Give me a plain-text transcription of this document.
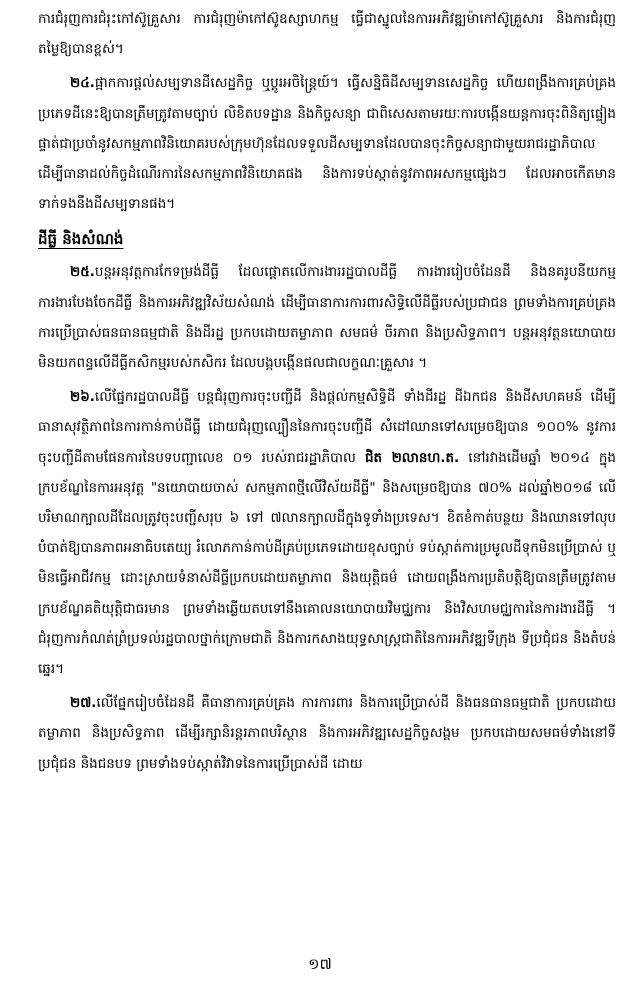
ការជំរុញការជំរុះកៅស៊ូគ្រួសារ ការជំរុញម៉ាកៅស៊ូឧស្សាហកម្ម ធ្វើជាស្នូលនៃការអភិវឌ្ឍម៉ាកៅស៊ូគ្រួសារ និងការជំរុញតម្លៃឱ្យបានខ្ពស់។

២៤.ផ្អាកការផ្តល់សម្បទានដីសេដ្ឋកិច្ច ឬប្តូរអចិន្ត្រៃយ៍។ ធ្វើសន្និធិដីសម្បទានសេដ្ឋកិច្ច ហើយពង្រឹងការគ្រប់គ្រងប្រភេទដីនេះឱ្យបានត្រឹមត្រូវតាមច្បាប់ លិខិតបទដ្ឋាន និងកិច្ចសន្យា ជាពិសេសតាមរយៈការបង្កើនយន្តការចុះពិនិត្យផ្ទៀងផ្ទាត់ជាប្រចាំនូវសកម្មភាពវិនិយោគរបស់ក្រុមហ៊ុនដែលទទួលដីសម្បទានដែលបានចុះកិច្ចសន្យាជាមួយរាជរដ្ឋាភិបាល ដើម្បីធានាដល់កិច្ចដំណើរការនៃសកម្មភាពវិនិយោគផង និងការទប់ស្កាត់នូវភាពអសកម្មផ្សេងៗ ដែលអាចកើតមានទាក់ទងនឹងដីសម្បទានផង។

ដីធ្លី និងសំណង់

២៥.បន្តអនុវត្តការកែទម្រង់ដីធ្លី ដែលផ្តោតលើការងាររដ្ឋបាលដីធ្លី ការងាររៀបចំដែនដី និងនគរូបនីយកម្ម ការងារបែងចែកដីធ្លី និងការអភិវឌ្ឍវិស័យសំណង់ ដើម្បីធានាការការពារសិទ្ធិលើដីធ្លីរបស់ប្រជាជន ព្រមទាំងការគ្រប់គ្រងការប្រើប្រាស់ធនធានធម្មជាតិ និងដីរដ្ឋ ប្រកបដោយតម្លាភាព សមធម៌ ចីរភាព និងប្រសិទ្ធភាព។ បន្តអនុវត្តនយោបាយមិនយកពន្ធលើដីធ្លីកសិកម្មរបស់កសិករ ដែលបង្កបង្កើនផលជាលក្ខណៈគ្រួសារ ។

២៦.លើផ្នែករដ្ឋបាលដីធ្លី បន្តជំរុញការចុះបញ្ជីដី និងផ្តល់កម្មសិទ្ធិដី ទាំងដីរដ្ឋ ដីឯកជន និងដីសហគមន៍ ដើម្បីធានាសុវត្ថិភាពនៃការកាន់កាប់ដីធ្លី ដោយជំរុញល្បឿននៃការចុះបញ្ជីដី សំដៅឈានទៅសម្រេចឱ្យបាន ១០០% នូវការចុះបញ្ជីដីតាមផែនការនៃបទបញ្ជាលេខ ០១ របស់រាជរដ្ឋាភិបាល ជិត ២លានហ.ត. នៅរវាងដើមឆ្នាំ ២០១៤ ក្នុងក្របខ័ណ្ឌនៃការអនុវត្ត "នយោបាយចាស់ សកម្មភាពថ្មីលើវិស័យដីធ្លី" និងសម្រេចឱ្យបាន ៧០% ដល់ឆ្នាំ២០១៨ លើបរិមាណក្បាលដីដែលត្រូវចុះបញ្ជីសរុប ៦ ទៅ ៧លានក្បាលដីក្នុងទូទាំងប្រទេស។ ខិតខំកាត់បន្ថយ និងឈានទៅលុបបំបាត់ឱ្យបានភាពអនាធិបតេយ្យ រំលោភកាន់កាប់ដីគ្រប់ប្រភេទដោយខុសច្បាប់ ទប់ស្កាត់ការប្រមូលដីទុកមិនប្រើប្រាស់ ឬមិនធ្វើអាជីវកម្ម ដោះស្រាយទំនាស់ដីធ្លីប្រកបដោយតម្លាភាព និងយុត្តិធម៌ ដោយពង្រឹងការប្រតិបត្តិឱ្យបានត្រឹមត្រូវតាមក្របខ័ណ្ឌគតិយុត្តិជាធរមាន ព្រមទាំងឆ្លើយតបទៅនឹងគោលនយោបាយវិមជ្ឈការ និងវិសហមជ្ឈការនៃការងារដីធ្លី ។ ជំរុញការកំណត់ព្រំប្រទល់រដ្ឋបាលថ្នាក់ក្រោមជាតិ និងការកសាងយុទ្ធសាស្ត្រជាតិនៃការអភិវឌ្ឍទីក្រុង ទីប្រជុំជន និងតំបន់ឆ្នេរ។

២៧.លើផ្នែករៀបចំដែនដី គឺធានាការគ្រប់គ្រង ការការពារ និងការប្រើប្រាស់ដី និងធនធានធម្មជាតិ ប្រកបដោយតម្លាភាព និងប្រសិទ្ធភាព ដើម្បីរក្សានិរន្តរភាពបរិស្ថាន និងការអភិវឌ្ឍសេដ្ឋកិច្ចសង្គម ប្រកបដោយសមធម៌ទាំងនៅទីប្រជុំជន និងជនបទ ព្រមទាំងទប់ស្កាត់វិវាទនៃការប្រើប្រាស់ដី ដោយ

១៧
